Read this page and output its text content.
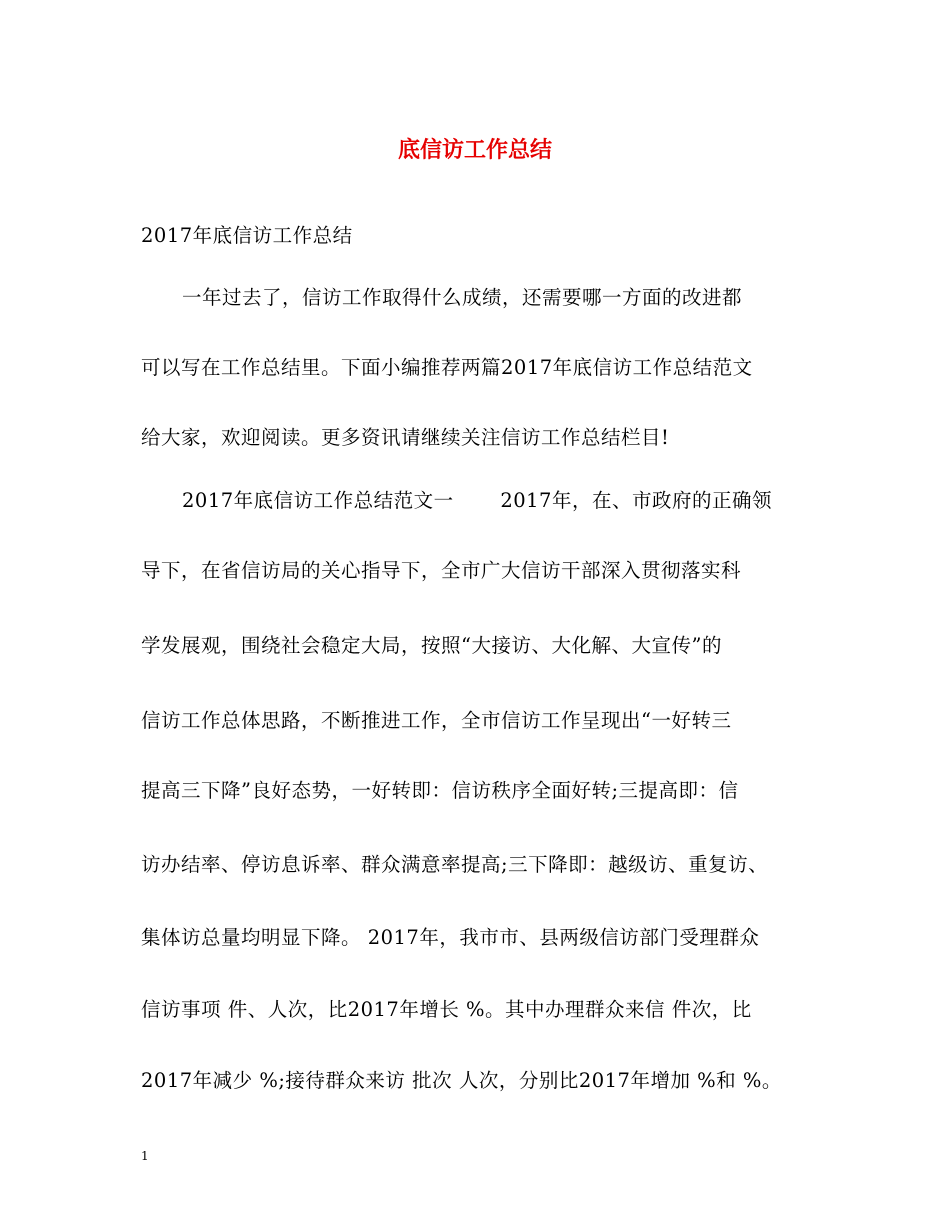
底信访工作总结
2017年底信访工作总结
一年过去了，信访工作取得什么成绩，还需要哪一方面的改进都
可以写在工作总结里。下面小编推荐两篇2017年底信访工作总结范文
给大家，欢迎阅读。更多资讯请继续关注信访工作总结栏目!
2017年底信访工作总结范文一　　 2017年，在、市政府的正确领
导下，在省信访局的关心指导下，全市广大信访干部深入贯彻落实科
学发展观，围绕社会稳定大局，按照“大接访、大化解、大宣传”的
信访工作总体思路，不断推进工作，全市信访工作呈现出“一好转三
提高三下降”良好态势，一好转即：信访秩序全面好转;三提高即：信
访办结率、停访息诉率、群众满意率提高;三下降即：越级访、重复访、
集体访总量均明显下降。 2017年，我市市、县两级信访部门受理群众
信访事项 件、人次，比2017年增长 %。其中办理群众来信 件次，比
2017年减少 %;接待群众来访 批次 人次，分别比2017年增加 %和 %。
1
